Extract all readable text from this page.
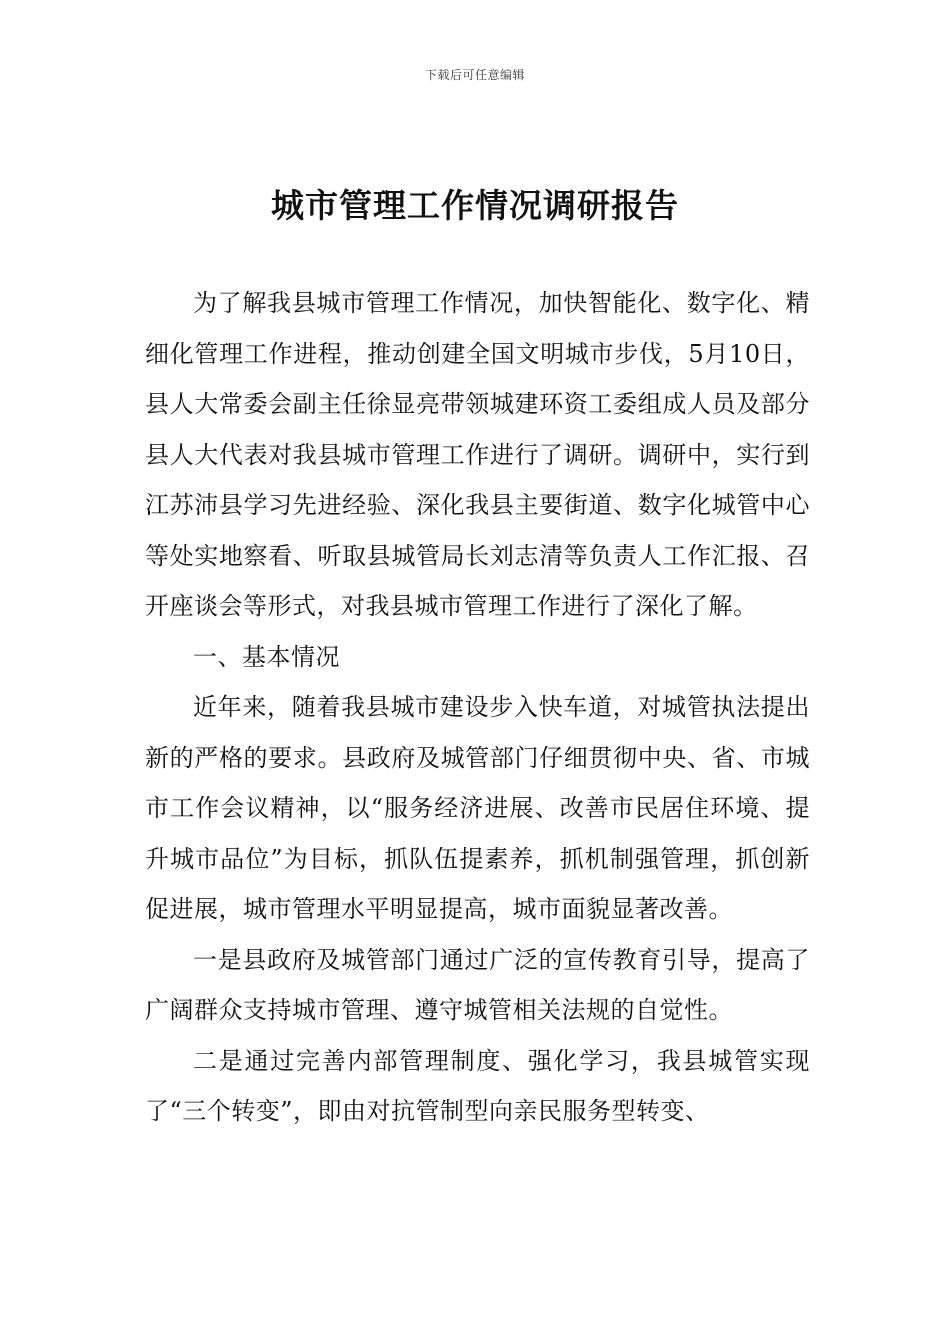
下载后可任意编辑
城市管理工作情况调研报告

为了解我县城市管理工作情况，加快智能化、数字化、精细化管理工作进程，推动创建全国文明城市步伐，5月10日，县人大常委会副主任徐显亮带领城建环资工委组成人员及部分县人大代表对我县城市管理工作进行了调研。调研中，实行到江苏沛县学习先进经验、深化我县主要街道、数字化城管中心等处实地察看、听取县城管局长刘志清等负责人工作汇报、召开座谈会等形式，对我县城市管理工作进行了深化了解。

一、基本情况

近年来，随着我县城市建设步入快车道，对城管执法提出新的严格的要求。县政府及城管部门仔细贯彻中央、省、市城市工作会议精神，以“服务经济进展、改善市民居住环境、提升城市品位”为目标，抓队伍提素养，抓机制强管理，抓创新促进展，城市管理水平明显提高，城市面貌显著改善。

一是县政府及城管部门通过广泛的宣传教育引导，提高了广阔群众支持城市管理、遵守城管相关法规的自觉性。

二是通过完善内部管理制度、强化学习，我县城管实现了“三个转变”，即由对抗管制型向亲民服务型转变、
